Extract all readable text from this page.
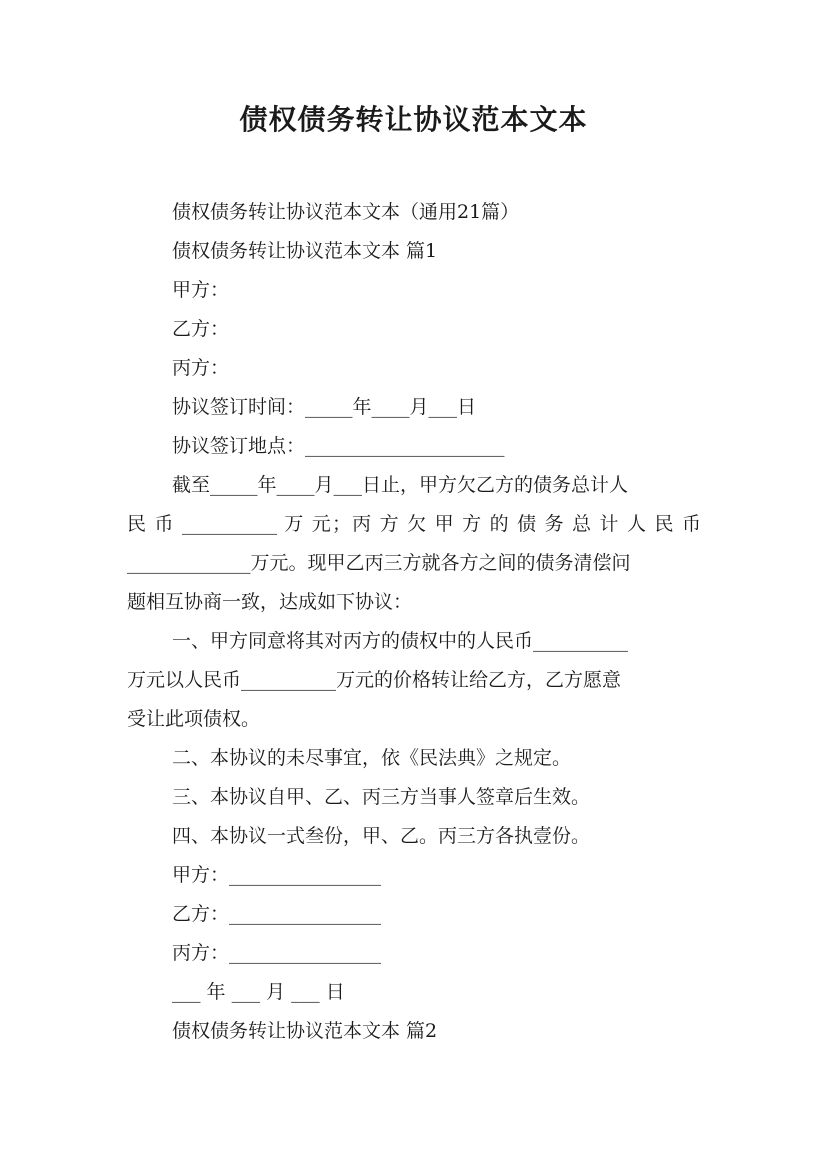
债权债务转让协议范本文本
债权债务转让协议范本文本（通用21篇）
债权债务转让协议范本文本 篇1
甲方：
乙方：
丙方：
协议签订时间：_____年____月___日
协议签订地点：_____________________
截至_____年____月___日止，甲方欠乙方的债务总计人
民 币 __________ 万 元；丙 方 欠 甲 方 的 债 务 总 计 人 民 币
_____________万元。现甲乙丙三方就各方之间的债务清偿问
题相互协商一致，达成如下协议：
一、甲方同意将其对丙方的债权中的人民币__________
万元以人民币__________万元的价格转让给乙方，乙方愿意
受让此项债权。
二、本协议的未尽事宜，依《民法典》之规定。
三、本协议自甲、乙、丙三方当事人签章后生效。
四、本协议一式叁份，甲、乙。丙三方各执壹份。
甲方：________________
乙方：________________
丙方：________________
___ 年 ___ 月 ___ 日
债权债务转让协议范本文本 篇2
